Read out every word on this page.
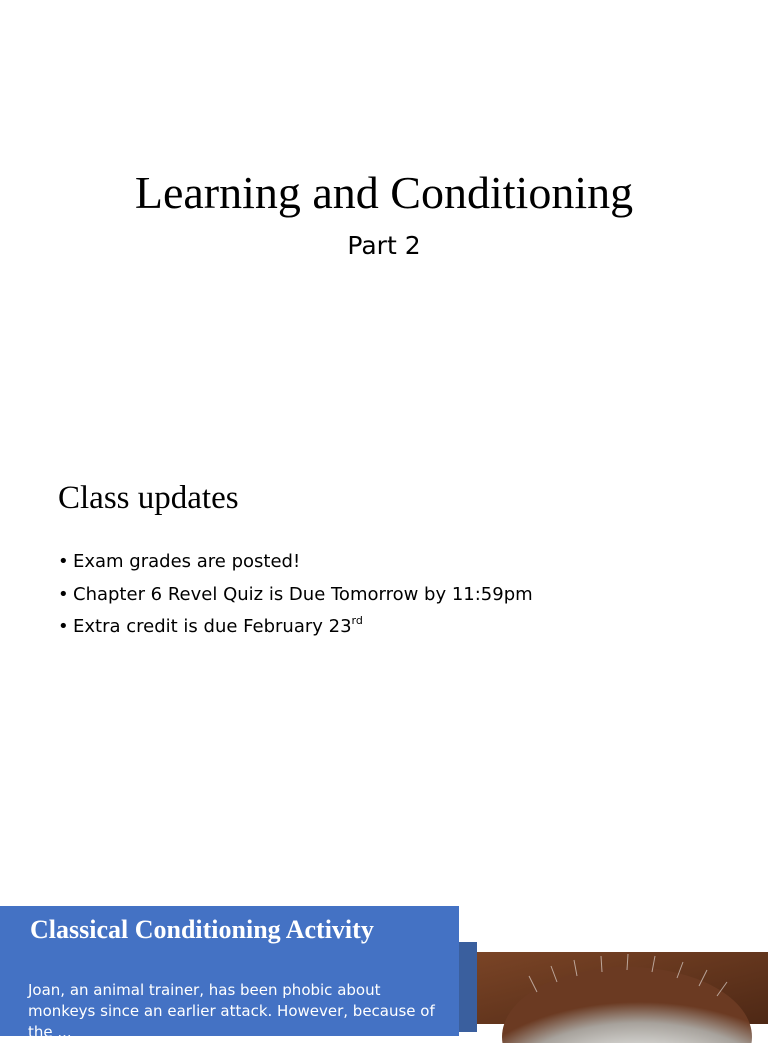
Learning and Conditioning
Part 2
Class updates
• Exam grades are posted!
• Chapter 6 Revel Quiz is Due Tomorrow by 11:59pm
• Extra credit is due February 23rd
Classical Conditioning Activity
Joan, an animal trainer, has been phobic about monkeys since an earlier attack. However, because of the ...
